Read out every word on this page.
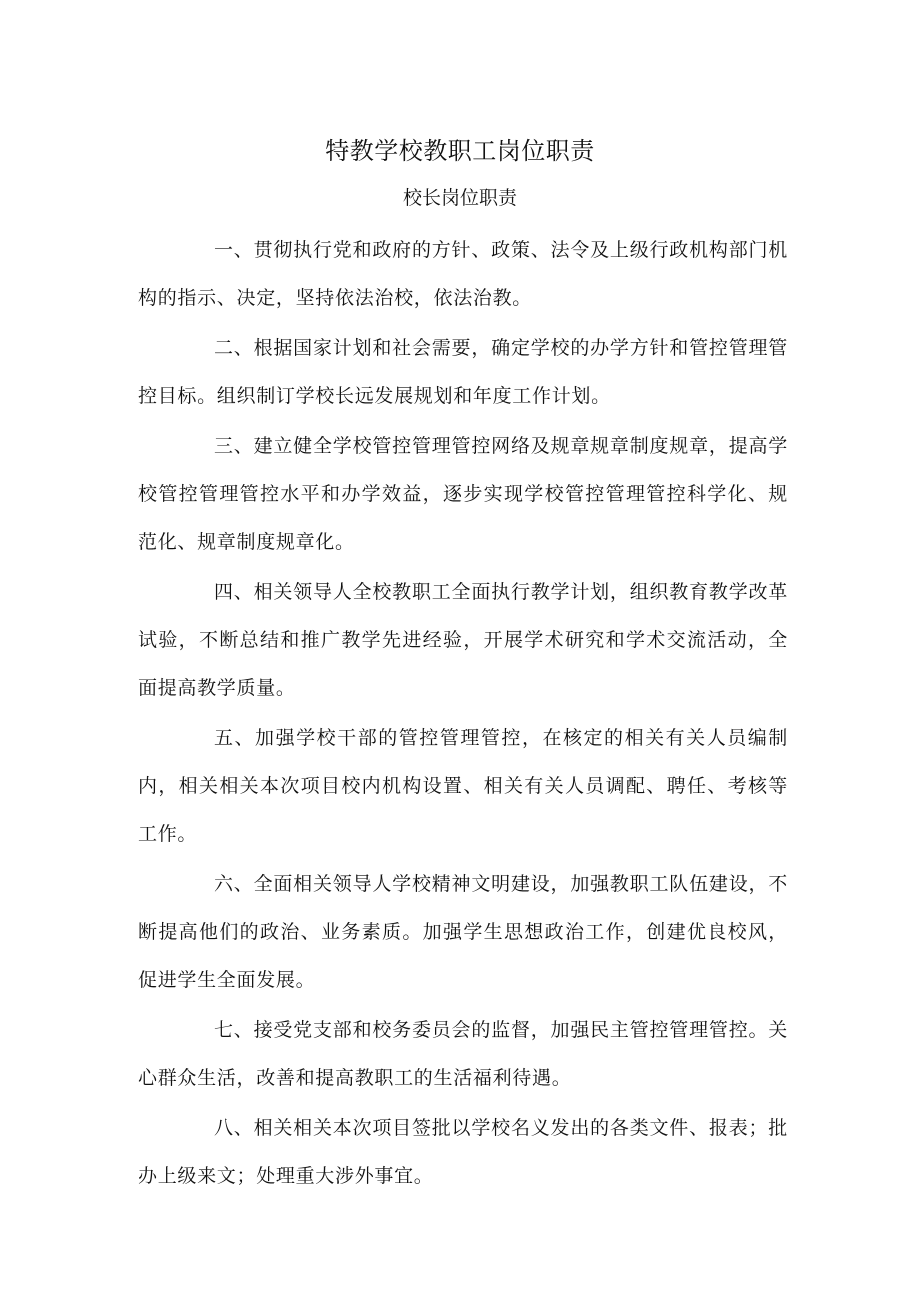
特教学校教职工岗位职责
校长岗位职责

一、贯彻执行党和政府的方针、政策、法令及上级行政机构部门机构的指示、决定，坚持依法治校，依法治教。

二、根据国家计划和社会需要，确定学校的办学方针和管控管理管控目标。组织制订学校长远发展规划和年度工作计划。

三、建立健全学校管控管理管控网络及规章规章制度规章，提高学校管控管理管控水平和办学效益，逐步实现学校管控管理管控科学化、规范化、规章制度规章化。

四、相关领导人全校教职工全面执行教学计划，组织教育教学改革试验，不断总结和推广教学先进经验，开展学术研究和学术交流活动，全面提高教学质量。

五、加强学校干部的管控管理管控，在核定的相关有关人员编制内，相关相关本次项目校内机构设置、相关有关人员调配、聘任、考核等工作。

六、全面相关领导人学校精神文明建设，加强教职工队伍建设，不断提高他们的政治、业务素质。加强学生思想政治工作，创建优良校风，促进学生全面发展。

七、接受党支部和校务委员会的监督，加强民主管控管理管控。关心群众生活，改善和提高教职工的生活福利待遇。

八、相关相关本次项目签批以学校名义发出的各类文件、报表；批办上级来文；处理重大涉外事宜。
